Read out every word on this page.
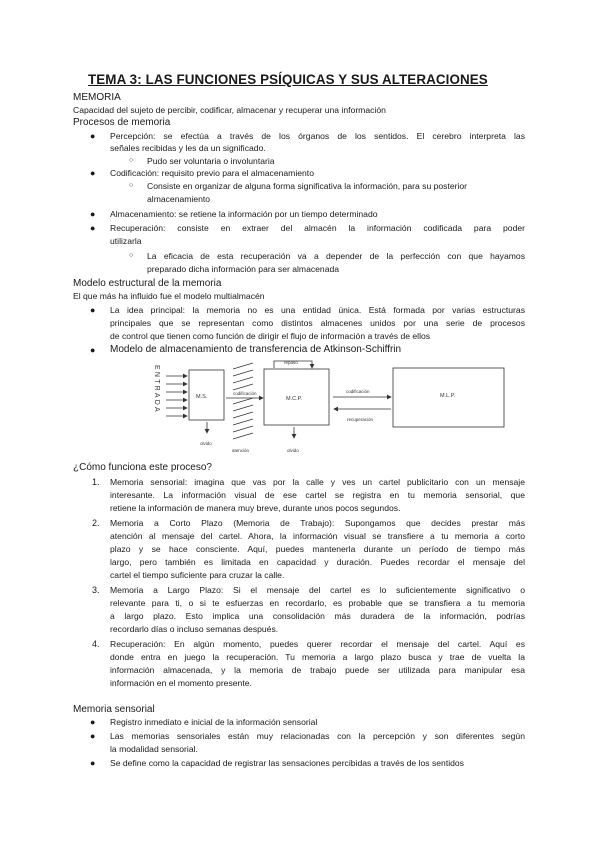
TEMA 3: LAS FUNCIONES PSÍQUICAS Y SUS ALTERACIONES
MEMORIA
Capacidad del sujeto de percibir, codificar, almacenar y recuperar una información
Procesos de memoria
● Percepción: se efectúa a través de los órganos de los sentidos. El cerebro interpreta las
señales recibidas y les da un significado.
○ Pudo ser voluntaria o involuntaria
● Codificación: requisito previo para el almacenamiento
○ Consiste en organizar de alguna forma significativa la información, para su posterior
almacenamiento
● Almacenamiento: se retiene la información por un tiempo determinado
● Recuperación: consiste en extraer del almacén la información codificada para poder
utilizarla
○ La eficacia de esta recuperación va a depender de la perfección con que hayamos
preparado dicha información para ser almacenada
Modelo estructural de la memoria
El que más ha influido fue el modelo multialmacén
● La idea principal: la memoria no es una entidad única. Está formada por varias estructuras
principales que se representan como distintos almacenes unidos por una serie de procesos
de control que tienen como función de dirigir el flujo de información a través de ellos
● Modelo de almacenamiento de transferencia de Atkinson-Schiffrin
ENTRADA	M.S.
olvido
codificación
atención
repaso
M.C.P.
olvido
codificación
recuperación
M.L.P.
¿Cómo funciona este proceso?
1. Memoria sensorial: imagina que vas por la calle y ves un cartel publicitario con un mensaje
interesante. La información visual de ese cartel se registra en tu memoria sensorial, que
retiene la información de manera muy breve, durante unos pocos segundos.
2. Memoria a Corto Plazo (Memoria de Trabajo): Supongamos que decides prestar más
atención al mensaje del cartel. Ahora, la información visual se transfiere a tu memoria a corto
plazo y se hace consciente. Aquí, puedes mantenerla durante un período de tiempo más
largo, pero también es limitada en capacidad y duración. Puedes recordar el mensaje del
cartel el tiempo suficiente para cruzar la calle.
3. Memoria a Largo Plazo: Si el mensaje del cartel es lo suficientemente significativo o
relevante para ti, o si te esfuerzas en recordarlo, es probable que se transfiera a tu memoria
a largo plazo. Esto implica una consolidación más duradera de la información, podrías
recordarlo días o incluso semanas después.
4. Recuperación: En algún momento, puedes querer recordar el mensaje del cartel. Aquí es
donde entra en juego la recuperación. Tu memoria a largo plazo busca y trae de vuelta la
información almacenada, y la memoria de trabajo puede ser utilizada para manipular esa
información en el momento presente.
Memoria sensorial
● Registro inmediato e inicial de la información sensorial
● Las memorias sensoriales están muy relacionadas con la percepción y son diferentes según
la modalidad sensorial.
● Se define como la capacidad de registrar las sensaciones percibidas a través de los sentidos
